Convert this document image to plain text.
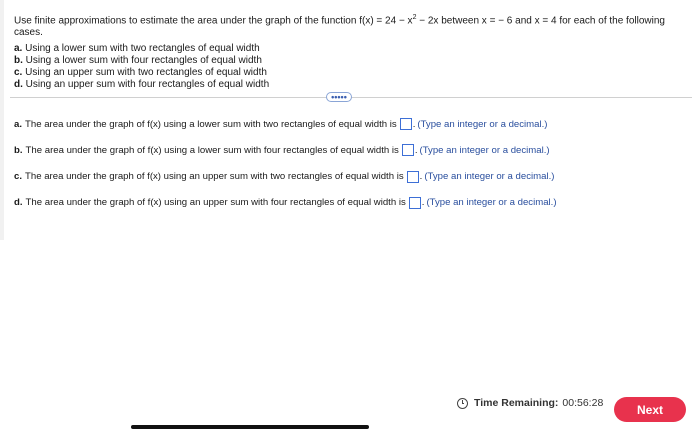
Use finite approximations to estimate the area under the graph of the function $f(x) = 24 - x^2 - 2x$ between x = − 6 and x = 4 for each of the following cases.
a. Using a lower sum with two rectangles of equal width
b. Using a lower sum with four rectangles of equal width
c. Using an upper sum with two rectangles of equal width
d. Using an upper sum with four rectangles of equal width
•••••
a. The area under the graph of f(x) using a lower sum with two rectangles of equal width is . (Type an integer or a decimal.)
b. The area under the graph of f(x) using a lower sum with four rectangles of equal width is . (Type an integer or a decimal.)
c. The area under the graph of f(x) using an upper sum with two rectangles of equal width is . (Type an integer or a decimal.)
d. The area under the graph of f(x) using an upper sum with four rectangles of equal width is . (Type an integer or a decimal.)
Time Remaining: 00:56:28	Next
